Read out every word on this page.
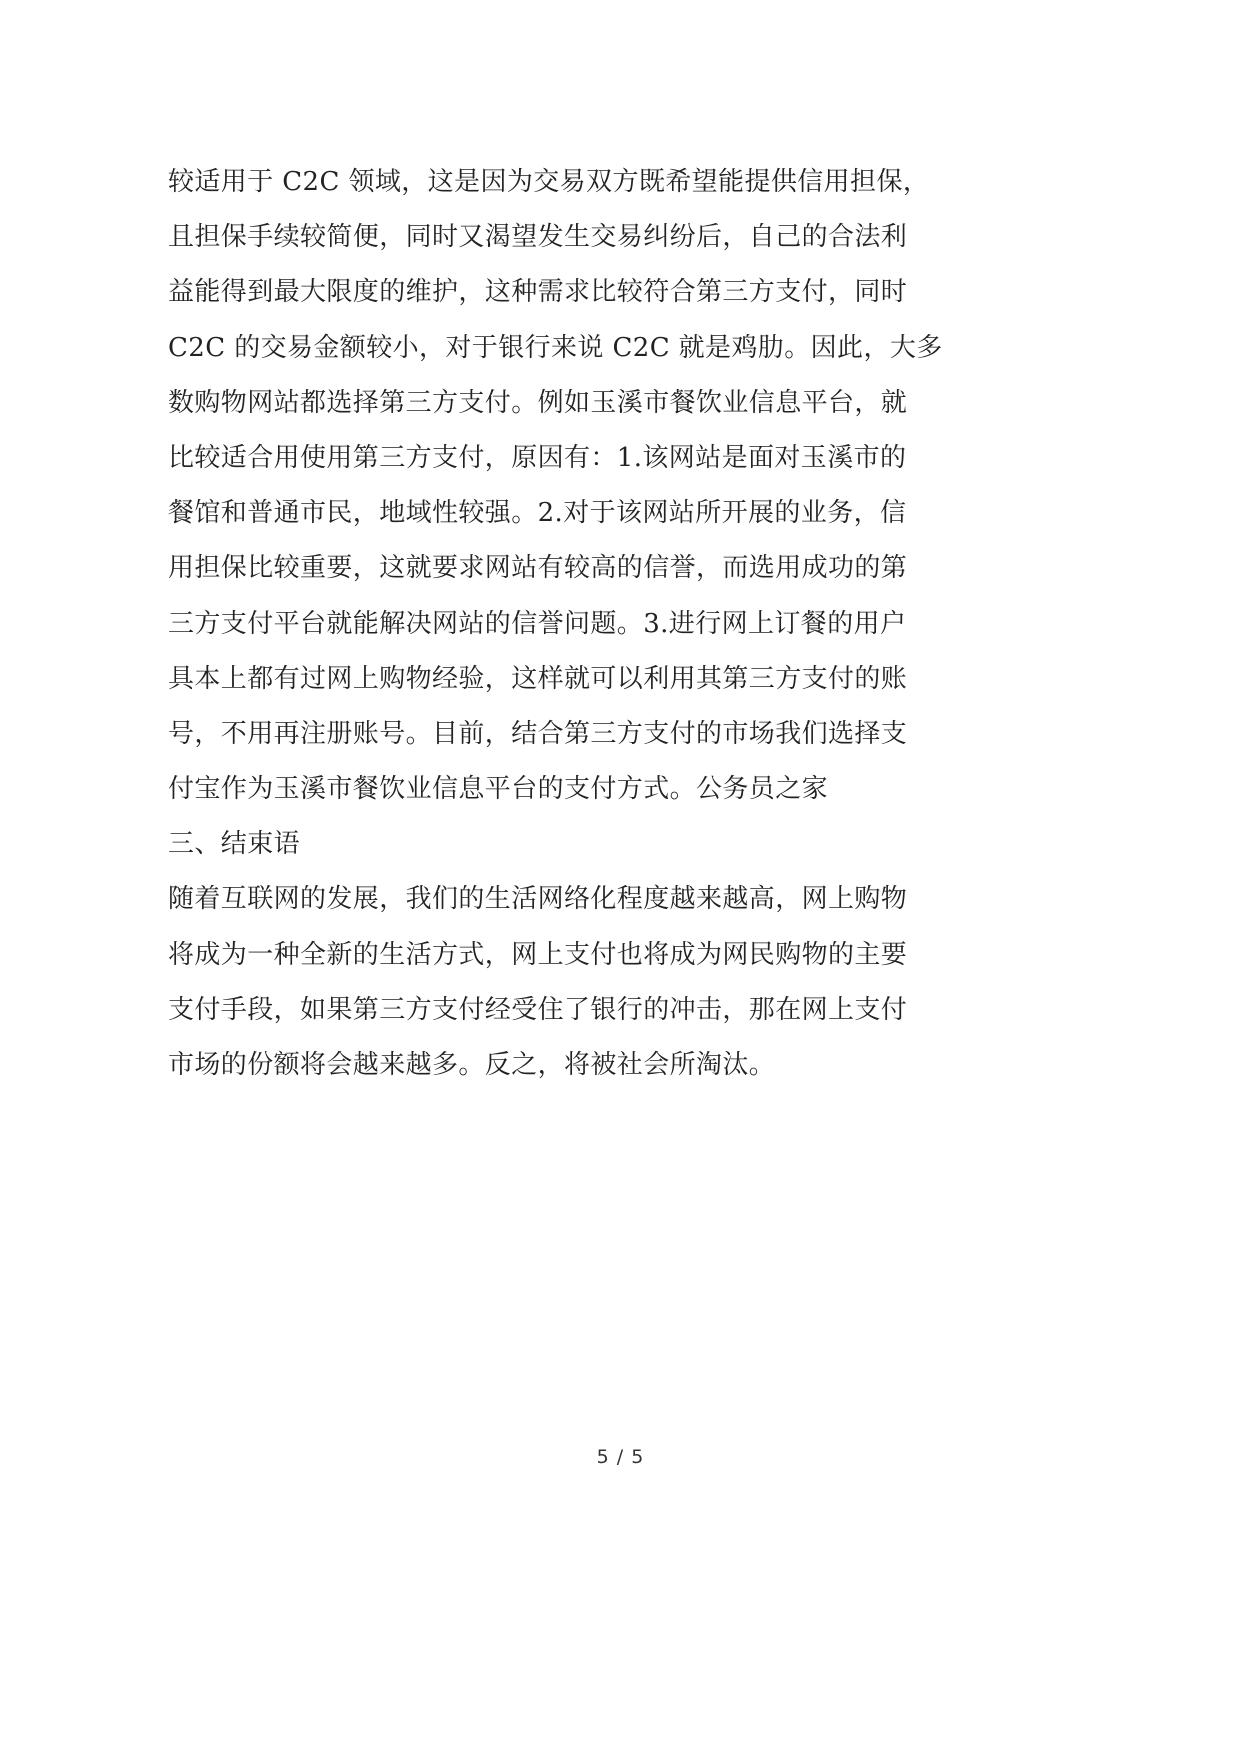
较适用于 C2C 领域，这是因为交易双方既希望能提供信用担保，
且担保手续较简便，同时又渴望发生交易纠纷后，自己的合法利
益能得到最大限度的维护，这种需求比较符合第三方支付，同时
C2C 的交易金额较小，对于银行来说 C2C 就是鸡肋。因此，大多
数购物网站都选择第三方支付。例如玉溪市餐饮业信息平台，就
比较适合用使用第三方支付，原因有：1.该网站是面对玉溪市的
餐馆和普通市民，地域性较强。2.对于该网站所开展的业务，信
用担保比较重要，这就要求网站有较高的信誉，而选用成功的第
三方支付平台就能解决网站的信誉问题。3.进行网上订餐的用户
具本上都有过网上购物经验，这样就可以利用其第三方支付的账
号，不用再注册账号。目前，结合第三方支付的市场我们选择支
付宝作为玉溪市餐饮业信息平台的支付方式。公务员之家
三、结束语
随着互联网的发展，我们的生活网络化程度越来越高，网上购物
将成为一种全新的生活方式，网上支付也将成为网民购物的主要
支付手段，如果第三方支付经受住了银行的冲击，那在网上支付
市场的份额将会越来越多。反之，将被社会所淘汰。
5 / 5
